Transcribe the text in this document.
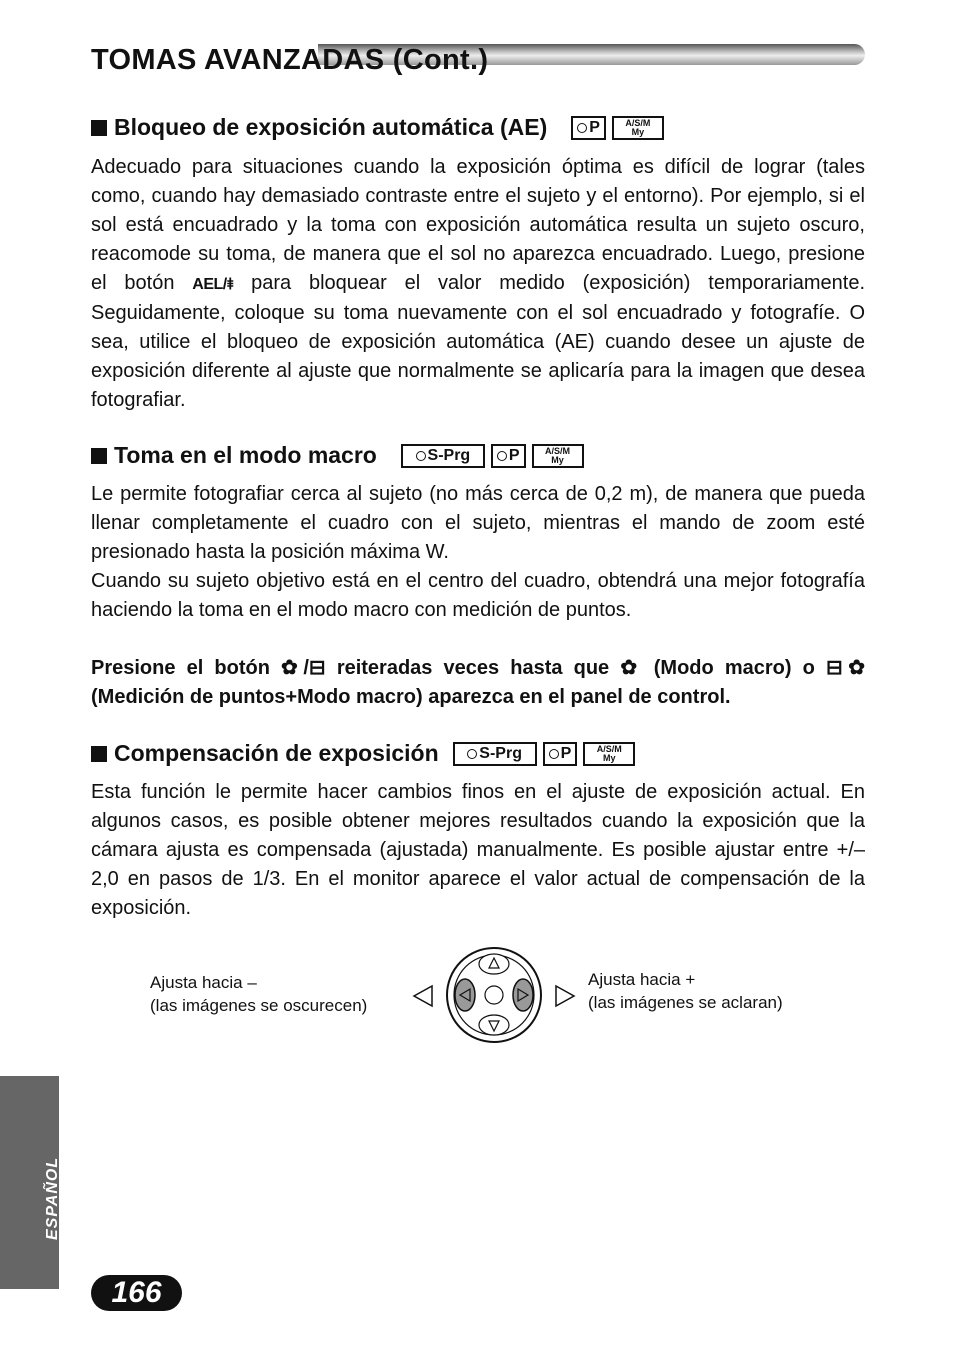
TOMAS AVANZADAS (Cont.)
Bloqueo de exposición automática (AE)	P	A/S/M
My

Adecuado para situaciones cuando la exposición óptima es difícil de lograr (tales como, cuando hay demasiado contraste entre el sujeto y el entorno). Por ejemplo, si el sol está encuadrado y la toma con exposición automática resulta un sujeto oscuro, reacomode su toma, de manera que el sol no aparezca encuadrado. Luego, presione el botón AEL/⯒ para bloquear el valor medido (exposición) temporariamente. Seguidamente, coloque su toma nuevamente con el sol encuadrado y fotografíe. O sea, utilice el bloqueo de exposición automática (AE) cuando desee un ajuste de exposición diferente al ajuste que normalmente se aplicaría para la imagen que desea fotografiar.

Toma en el modo macro	S-Prg P	A/S/M
My

Le permite fotografiar cerca al sujeto (no más cerca de 0,2 m), de manera que pueda llenar completamente el cuadro con el sujeto, mientras el mando de zoom esté presionado hasta la posición máxima W.

Cuando su sujeto objetivo está en el centro del cuadro, obtendrá una mejor fotografía haciendo la toma en el modo macro con medición de puntos.

Presione el botón ✿/⊟ reiteradas veces hasta que ✿ (Modo macro) o ⊟✿ (Medición de puntos+Modo macro) aparezca en el panel de control.

Compensación de exposición	S-Prg P	A/S/M
My

Esta función le permite hacer cambios finos en el ajuste de exposición actual. En algunos casos, es posible obtener mejores resultados cuando la exposición que la cámara ajusta es compensada (ajustada) manualmente. Es posible ajustar entre +/–2,0 en pasos de 1/3. En el monitor aparece el valor actual de compensación de la exposición.

Ajusta hacia –
(las imágenes se oscurecen)
Ajusta hacia +
(las imágenes se aclaran)
ESPAÑOL
166
